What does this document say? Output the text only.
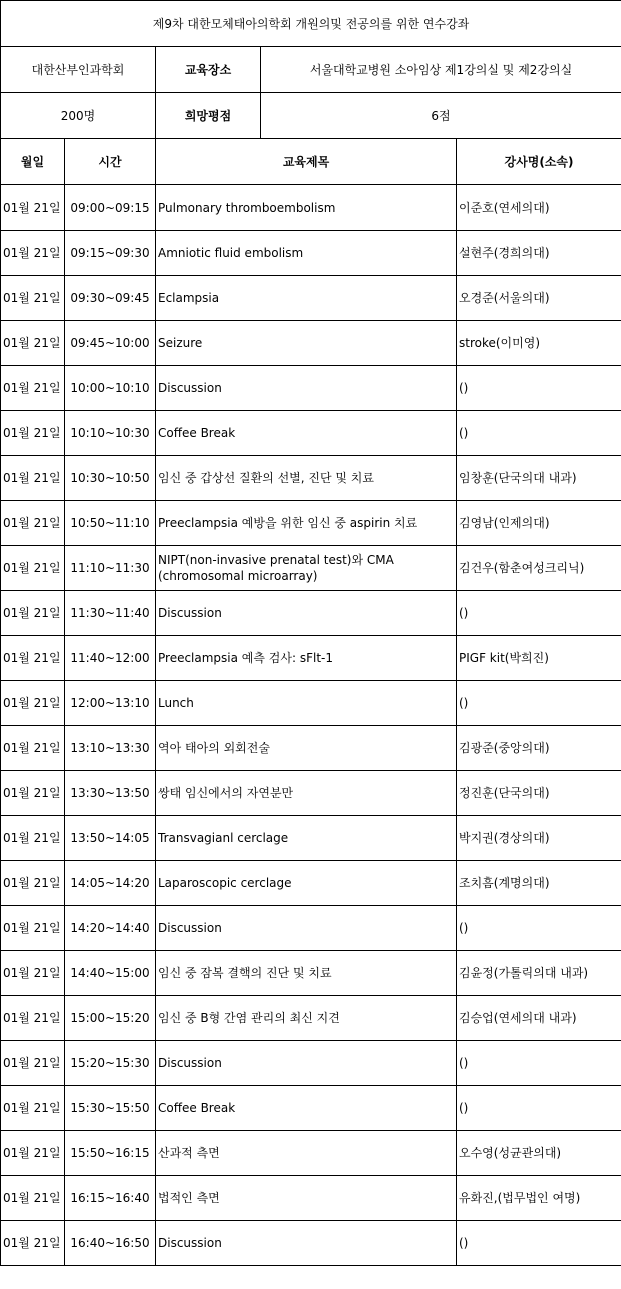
제9차 대한모체태아의학회 개원의및 전공의를 위한 연수강좌				
대한산부인과학회		교육장소	서울대학교병원 소아임상 제1강의실 및 제2강의실	
200명		희망평점	6점	
월일	시간	교육제목		강사명(소속)
01월 21일	09:00~09:15	Pulmonary thromboembolism		이준호(연세의대)
01월 21일	09:15~09:30	Amniotic fluid embolism		설현주(경희의대)
01월 21일	09:30~09:45	Eclampsia		오경준(서울의대)
01월 21일	09:45~10:00	Seizure		stroke(이미영)
01월 21일	10:00~10:10	Discussion		()
01월 21일	10:10~10:30	Coffee Break		()
01월 21일	10:30~10:50	임신 중 갑상선 질환의 선별, 진단 및 치료		임창훈(단국의대 내과)
01월 21일	10:50~11:10	Preeclampsia 예방을 위한 임신 중 aspirin 치료		김영남(인제의대)
01월 21일	11:10~11:30	NIPT(non-invasive prenatal test)와 CMA (chromosomal microarray)		김건우(함춘여성크리닉)
01월 21일	11:30~11:40	Discussion		()
01월 21일	11:40~12:00	Preeclampsia 예측 검사: sFlt-1		PIGF kit(박희진)
01월 21일	12:00~13:10	Lunch		()
01월 21일	13:10~13:30	역아 태아의 외회전술		김광준(중앙의대)
01월 21일	13:30~13:50	쌍태 임신에서의 자연분만		정진훈(단국의대)
01월 21일	13:50~14:05	Transvagianl cerclage		박지권(경상의대)
01월 21일	14:05~14:20	Laparoscopic cerclage		조치흠(계명의대)
01월 21일	14:20~14:40	Discussion		()
01월 21일	14:40~15:00	임신 중 잠복 결핵의 진단 및 치료		김윤정(가톨릭의대 내과)
01월 21일	15:00~15:20	임신 중 B형 간염 관리의 최신 지견		김승업(연세의대 내과)
01월 21일	15:20~15:30	Discussion		()
01월 21일	15:30~15:50	Coffee Break		()
01월 21일	15:50~16:15	산과적 측면		오수영(성균관의대)
01월 21일	16:15~16:40	법적인 측면		유화진,(법무법인 여명)
01월 21일	16:40~16:50	Discussion		()
